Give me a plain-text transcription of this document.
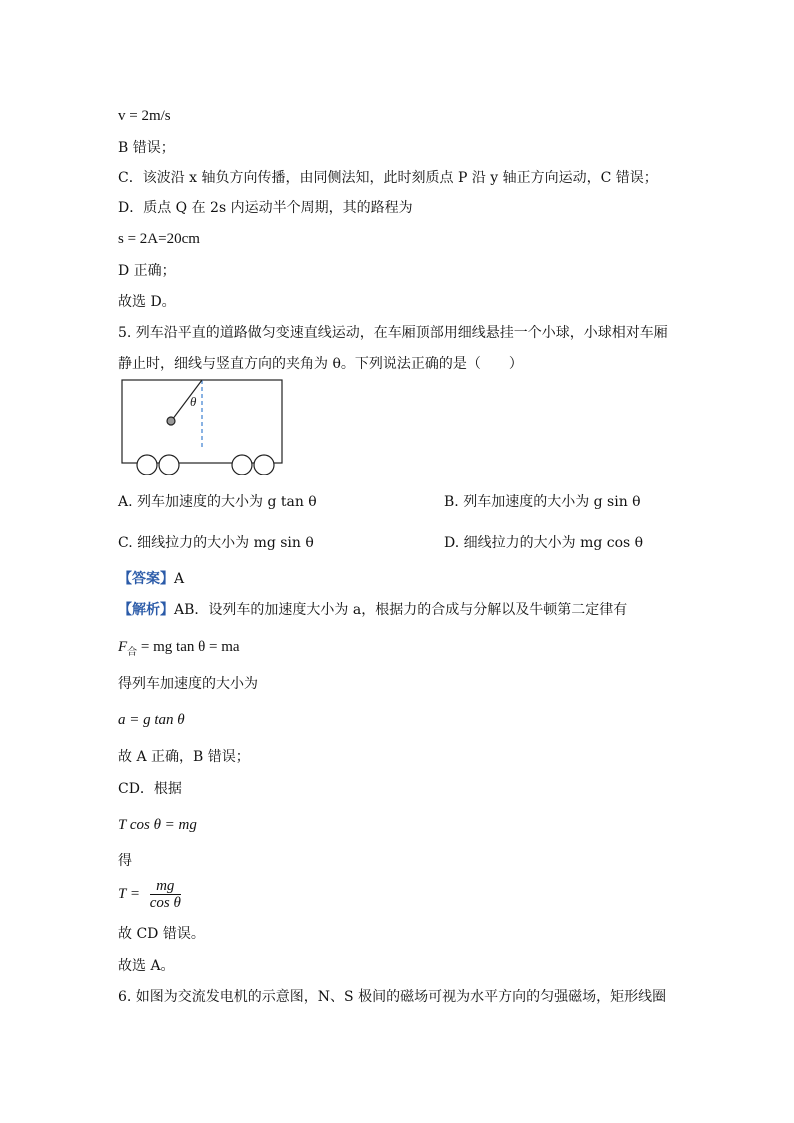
v = 2m/s
B 错误；
C．该波沿 x 轴负方向传播，由同侧法知，此时刻质点 P 沿 y 轴正方向运动，C 错误；
D．质点 Q 在 2s 内运动半个周期，其的路程为
s = 2A=20cm
D 正确；
故选 D。
5. 列车沿平直的道路做匀变速直线运动，在车厢顶部用细线悬挂一个小球，小球相对车厢
静止时，细线与竖直方向的夹角为 θ。下列说法正确的是（　　）
θ
A. 列车加速度的大小为 g tan θ	B. 列车加速度的大小为 g sin θ
C. 细线拉力的大小为 mg sin θ	D. 细线拉力的大小为 mg cos θ
【答案】A
【解析】AB．设列车的加速度大小为 a，根据力的合成与分解以及牛顿第二定律有
$F_合$ = mg tan θ = ma
得列车加速度的大小为
a = g tan θ
故 A 正确，B 错误；
CD．根据
T cos θ = mg
得
$T = \frac{mg}{\text{cos θ}}$
故 CD 错误。
故选 A。
6. 如图为交流发电机的示意图，N、S 极间的磁场可视为水平方向的匀强磁场，矩形线圈
